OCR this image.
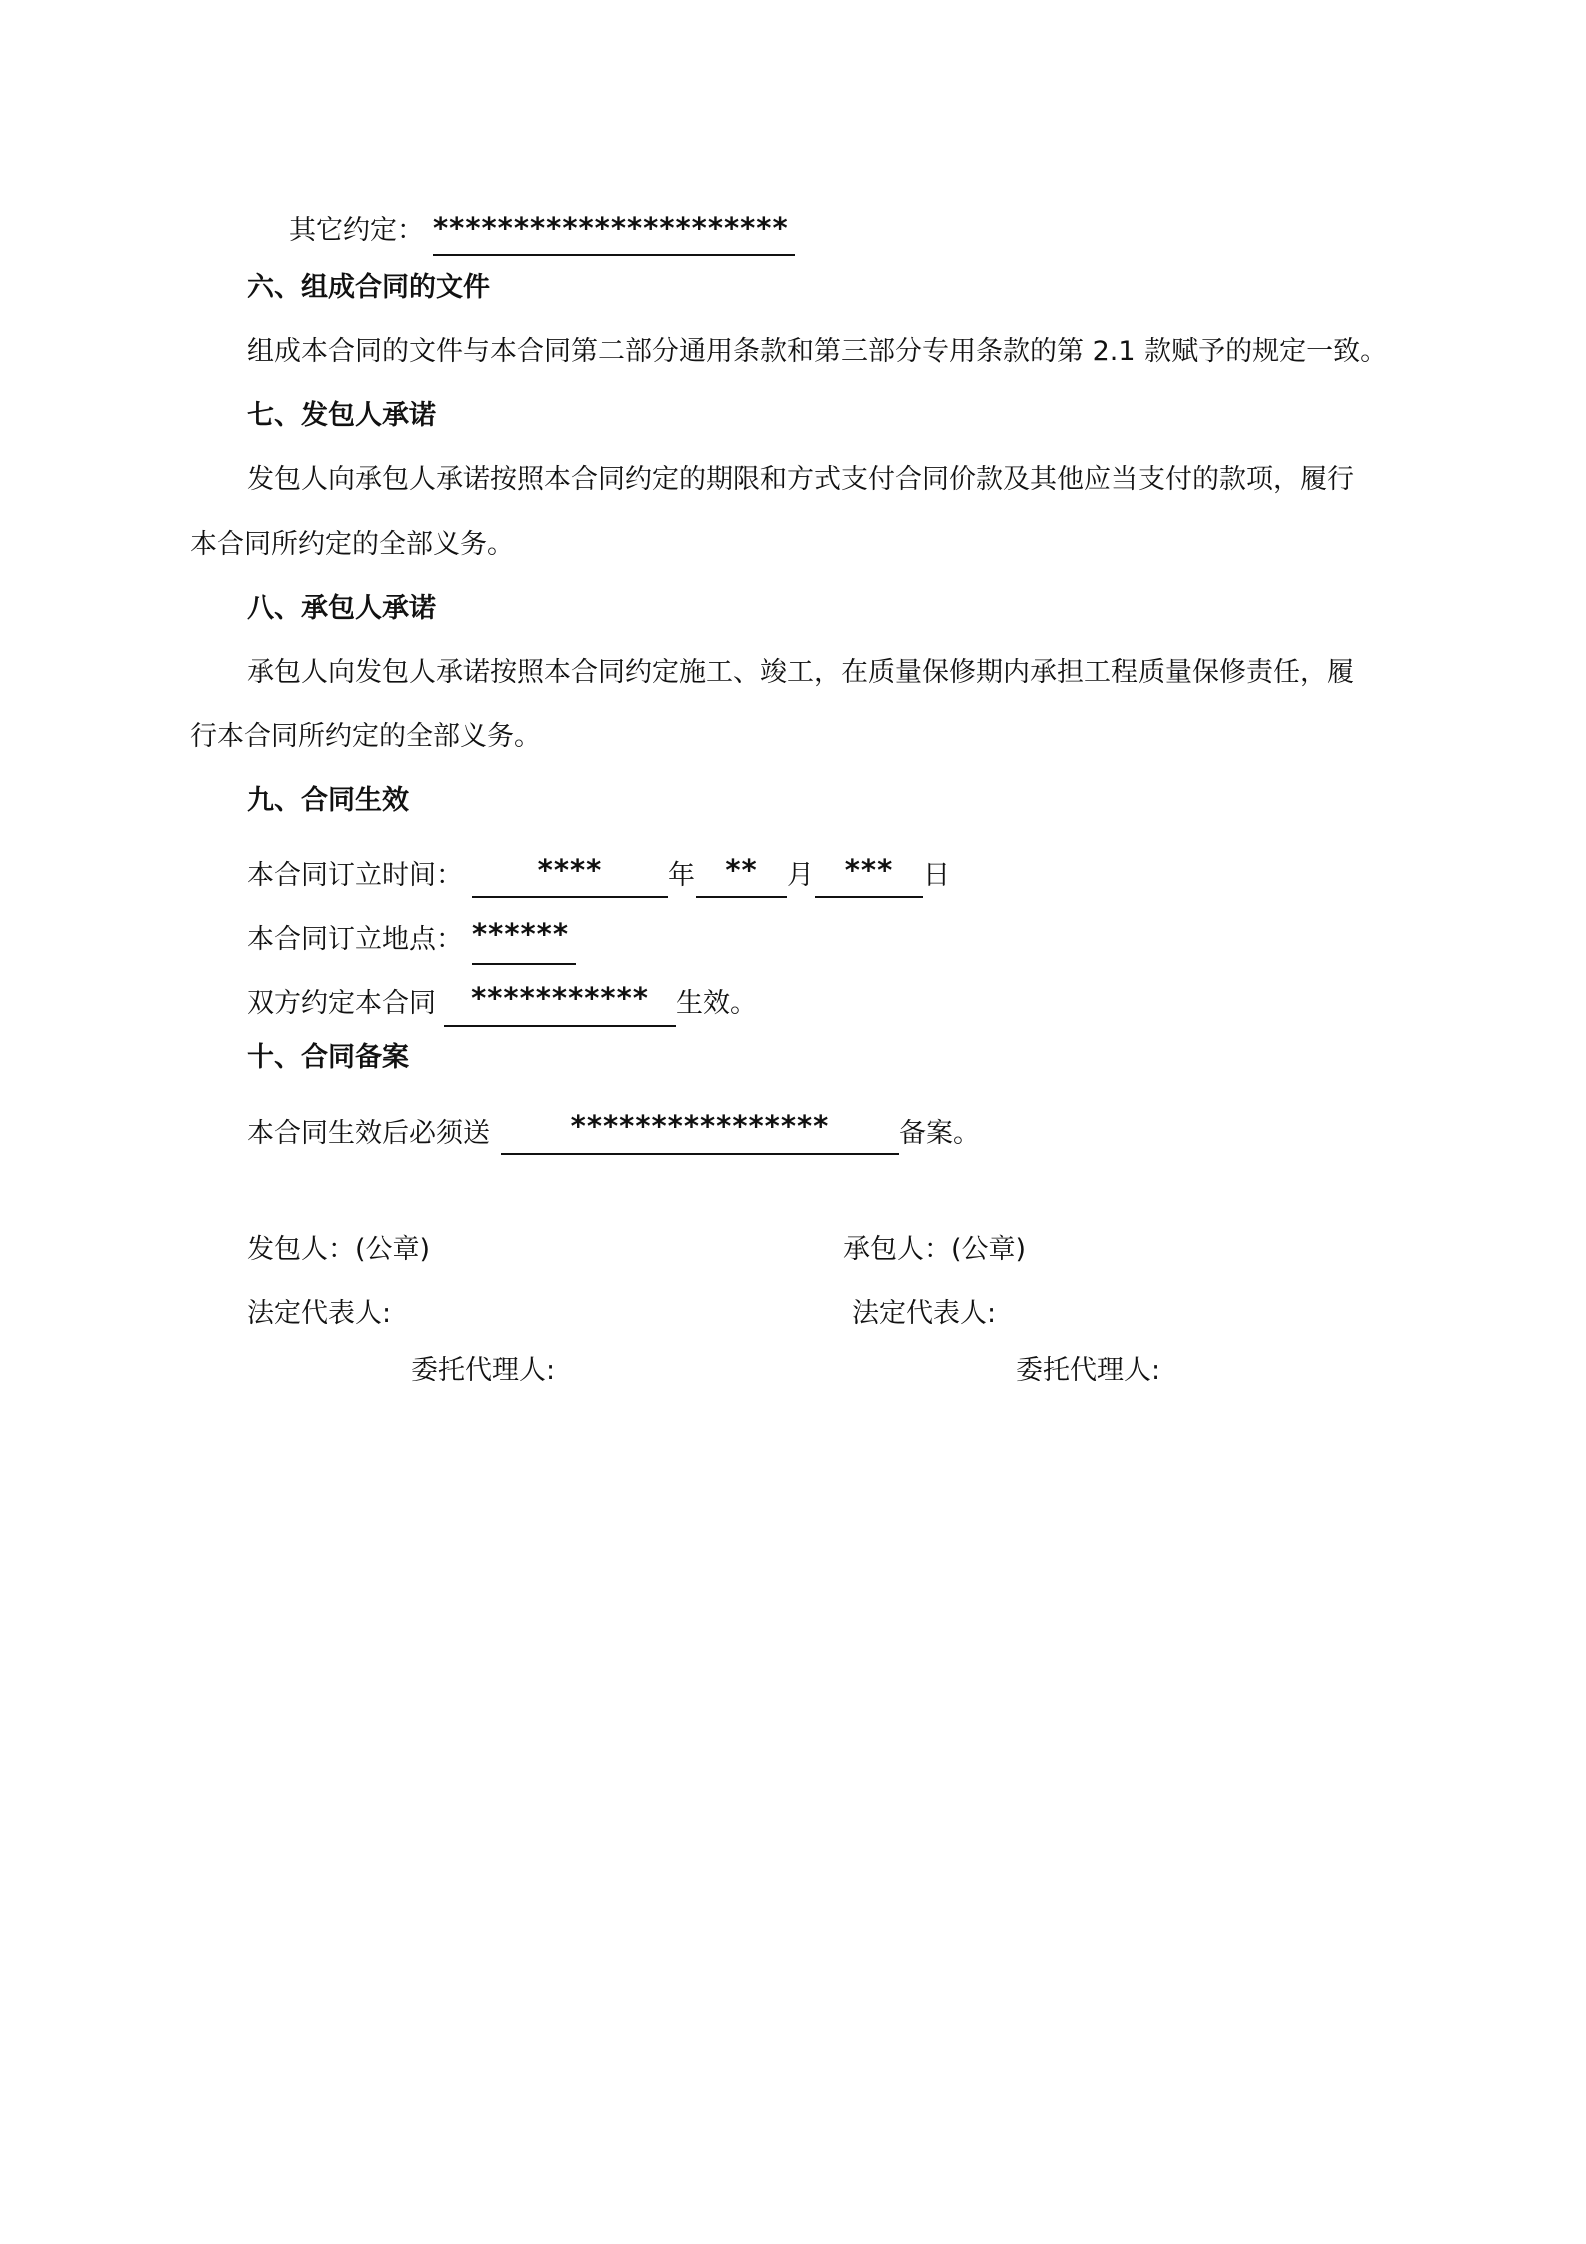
其它约定： **********************
六、组成合同的文件
组成本合同的文件与本合同第二部分通用条款和第三部分专用条款的第 2.1 款赋予的规定一致。
七、发包人承诺
发包人向承包人承诺按照本合同约定的期限和方式支付合同价款及其他应当支付的款项，履行
本合同所约定的全部义务。
八、承包人承诺
承包人向发包人承诺按照本合同约定施工、竣工，在质量保修期内承担工程质量保修责任，履
行本合同所约定的全部义务。
九、合同生效
本合同订立时间：	****	年	**	月	***	日
本合同订立地点： ******
双方约定本合同	***********	生效。
十、合同备案
本合同生效后必须送	****************	备案。
发包人：(公章)	承包人：(公章)
法定代表人:	法定代表人:
委托代理人:	委托代理人:
